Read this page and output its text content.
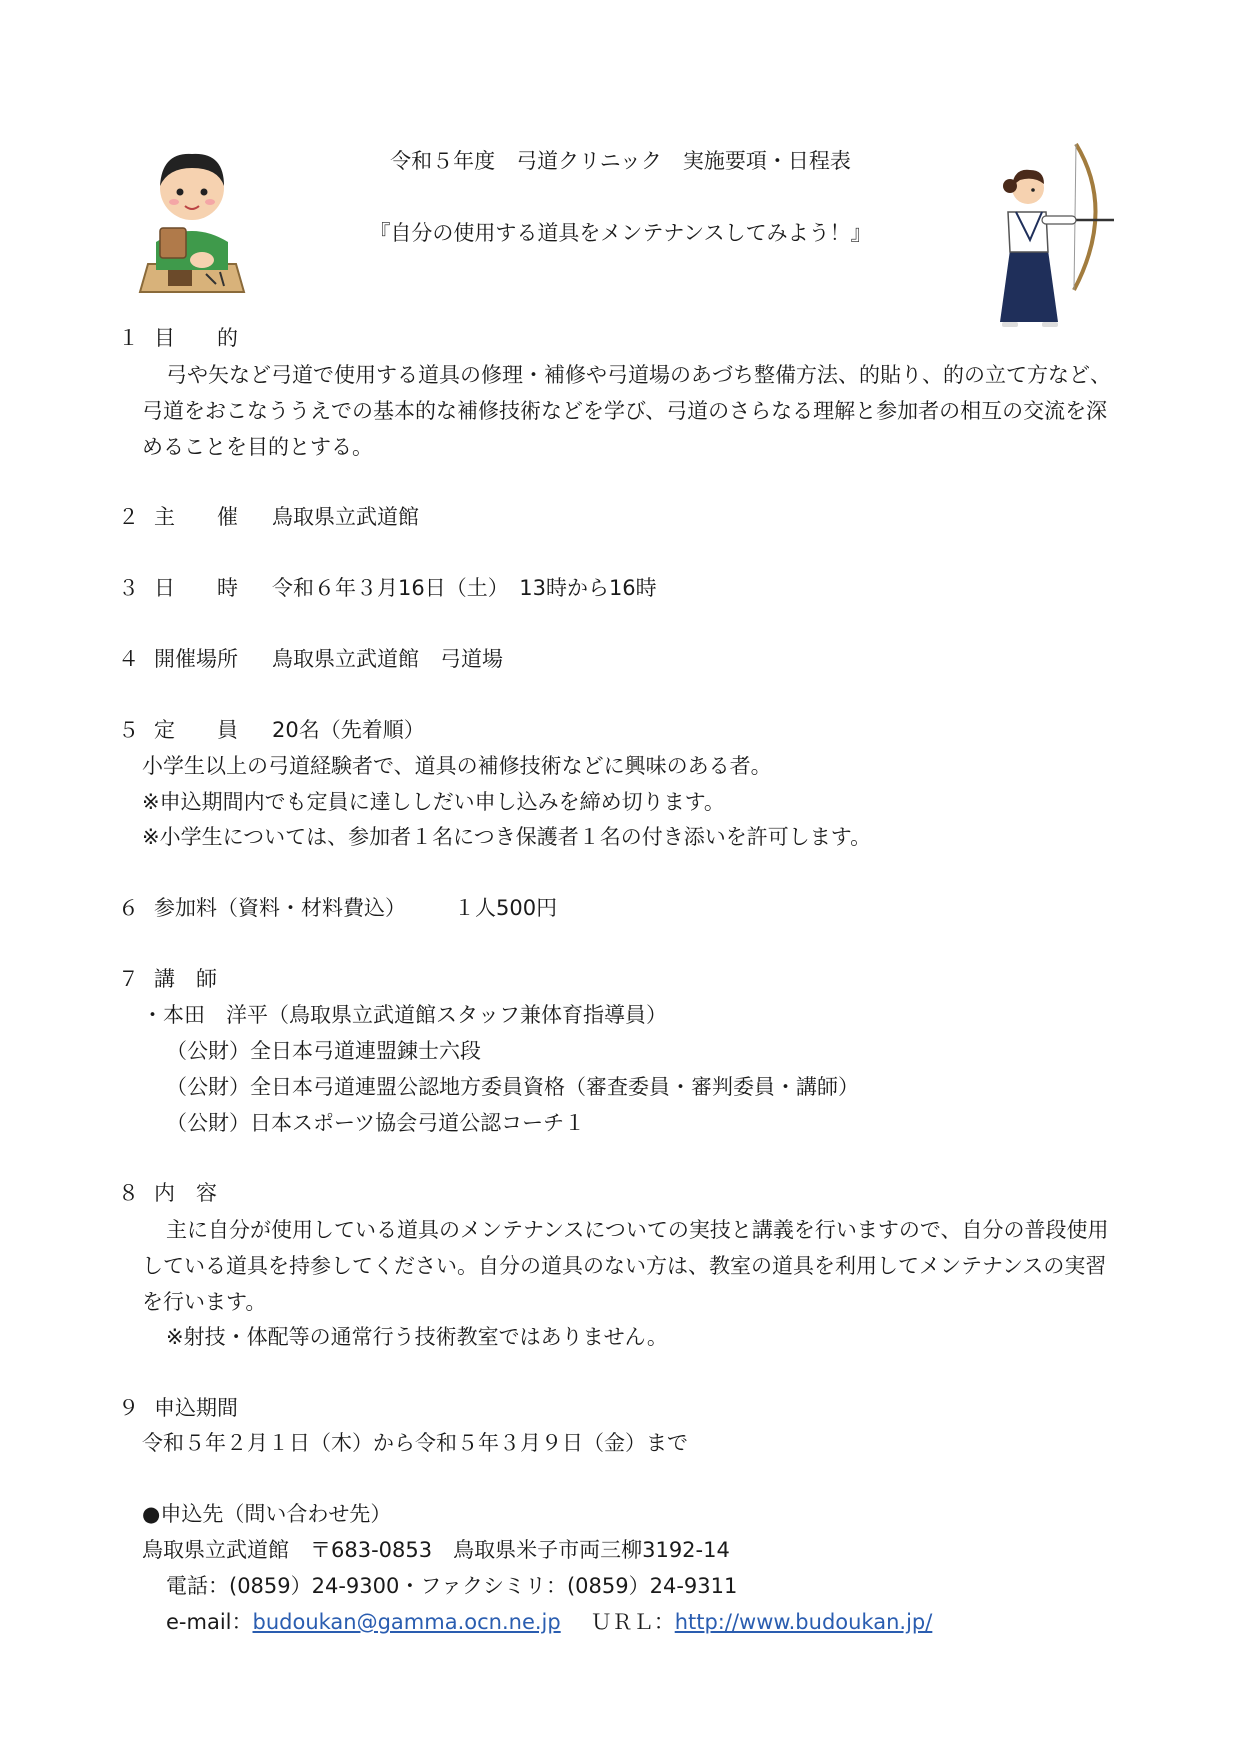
令和５年度　弓道クリニック　実施要項・日程表
『自分の使用する道具をメンテナンスしてみよう！』
１ 目　　的
弓や矢など弓道で使用する道具の修理・補修や弓道場のあづち整備方法、的貼り、的の立て方など、弓道をおこなううえでの基本的な補修技術などを学び、弓道のさらなる理解と参加者の相互の交流を深めることを目的とする。
２ 主　　催 鳥取県立武道館
３ 日　　時 令和６年３月16日（土）　13時から16時
４ 開催場所 鳥取県立武道館　弓道場
５ 定　　員 20名（先着順）
小学生以上の弓道経験者で、道具の補修技術などに興味のある者。
※申込期間内でも定員に達ししだい申し込みを締め切ります。
※小学生については、参加者１名につき保護者１名の付き添いを許可します。
６ 参加料（資料・材料費込） １人500円
７ 講　師
・本田　洋平（鳥取県立武道館スタッフ兼体育指導員）
（公財）全日本弓道連盟錬士六段
（公財）全日本弓道連盟公認地方委員資格（審査委員・審判委員・講師）
（公財）日本スポーツ協会弓道公認コーチ１
８ 内　容
主に自分が使用している道具のメンテナンスについての実技と講義を行いますので、自分の普段使用している道具を持参してください。自分の道具のない方は、教室の道具を利用してメンテナンスの実習を行います。
※射技・体配等の通常行う技術教室ではありません。
９ 申込期間
令和５年２月１日（木）から令和５年３月９日（金）まで
●申込先（問い合わせ先）
鳥取県立武道館　〒683‐0853　鳥取県米子市両三柳3192‐14
電話：(0859）24‐9300・ファクシミリ：(0859）24‐9311
e-mail：budoukan@gamma.ocn.ne.jp ＵＲＬ：http://www.budoukan.jp/
